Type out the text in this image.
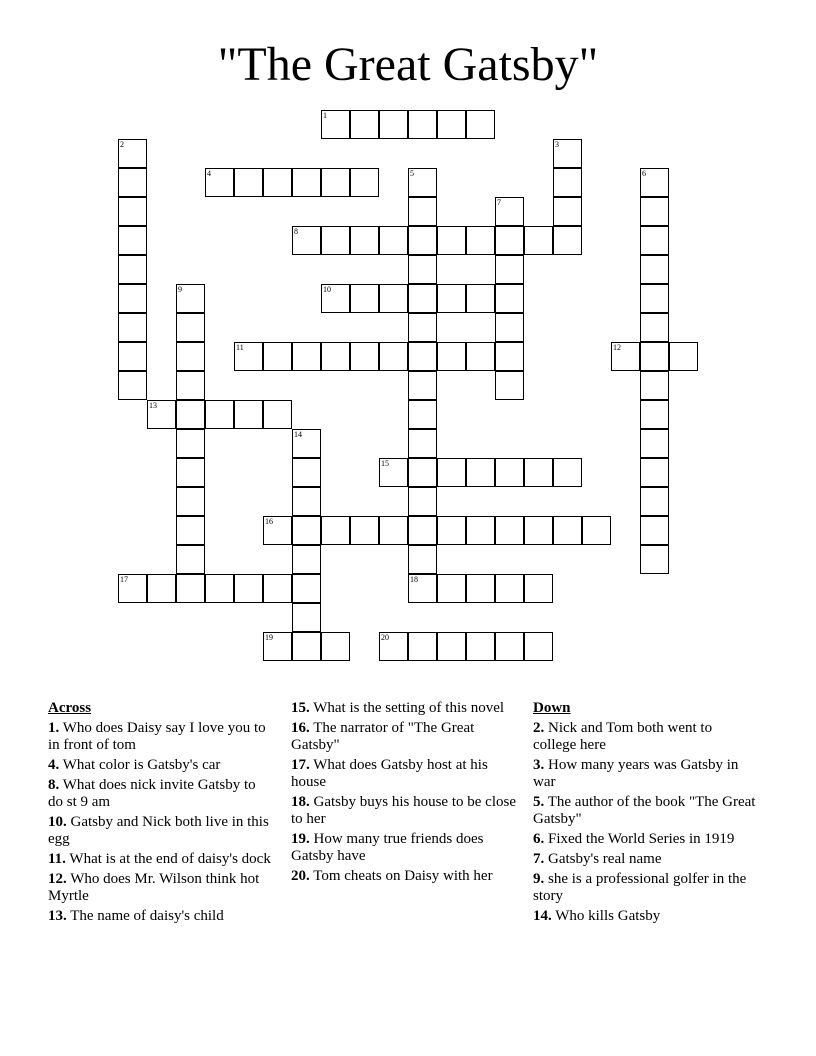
"The Great Gatsby"
1
2	3
4	5
18
6
7
8
9	10
11	12
13
14
15
16
17
19	20
Across
1. Who does Daisy say I love you to in front of tom
4. What color is Gatsby's car
8. What does nick invite Gatsby to do st 9 am
10. Gatsby and Nick both live in this egg
11. What is at the end of daisy's dock
12. Who does Mr. Wilson think hot Myrtle
13. The name of daisy's child
15. What is the setting of this novel
16. The narrator of "The Great Gatsby"
17. What does Gatsby host at his house
18. Gatsby buys his house to be close to her
19. How many true friends does Gatsby have
20. Tom cheats on Daisy with her
Down
2. Nick and Tom both went to college here
3. How many years was Gatsby in war
5. The author of the book "The Great Gatsby"
6. Fixed the World Series in 1919
7. Gatsby's real name
9. she is a professional golfer in the story
14. Who kills Gatsby
